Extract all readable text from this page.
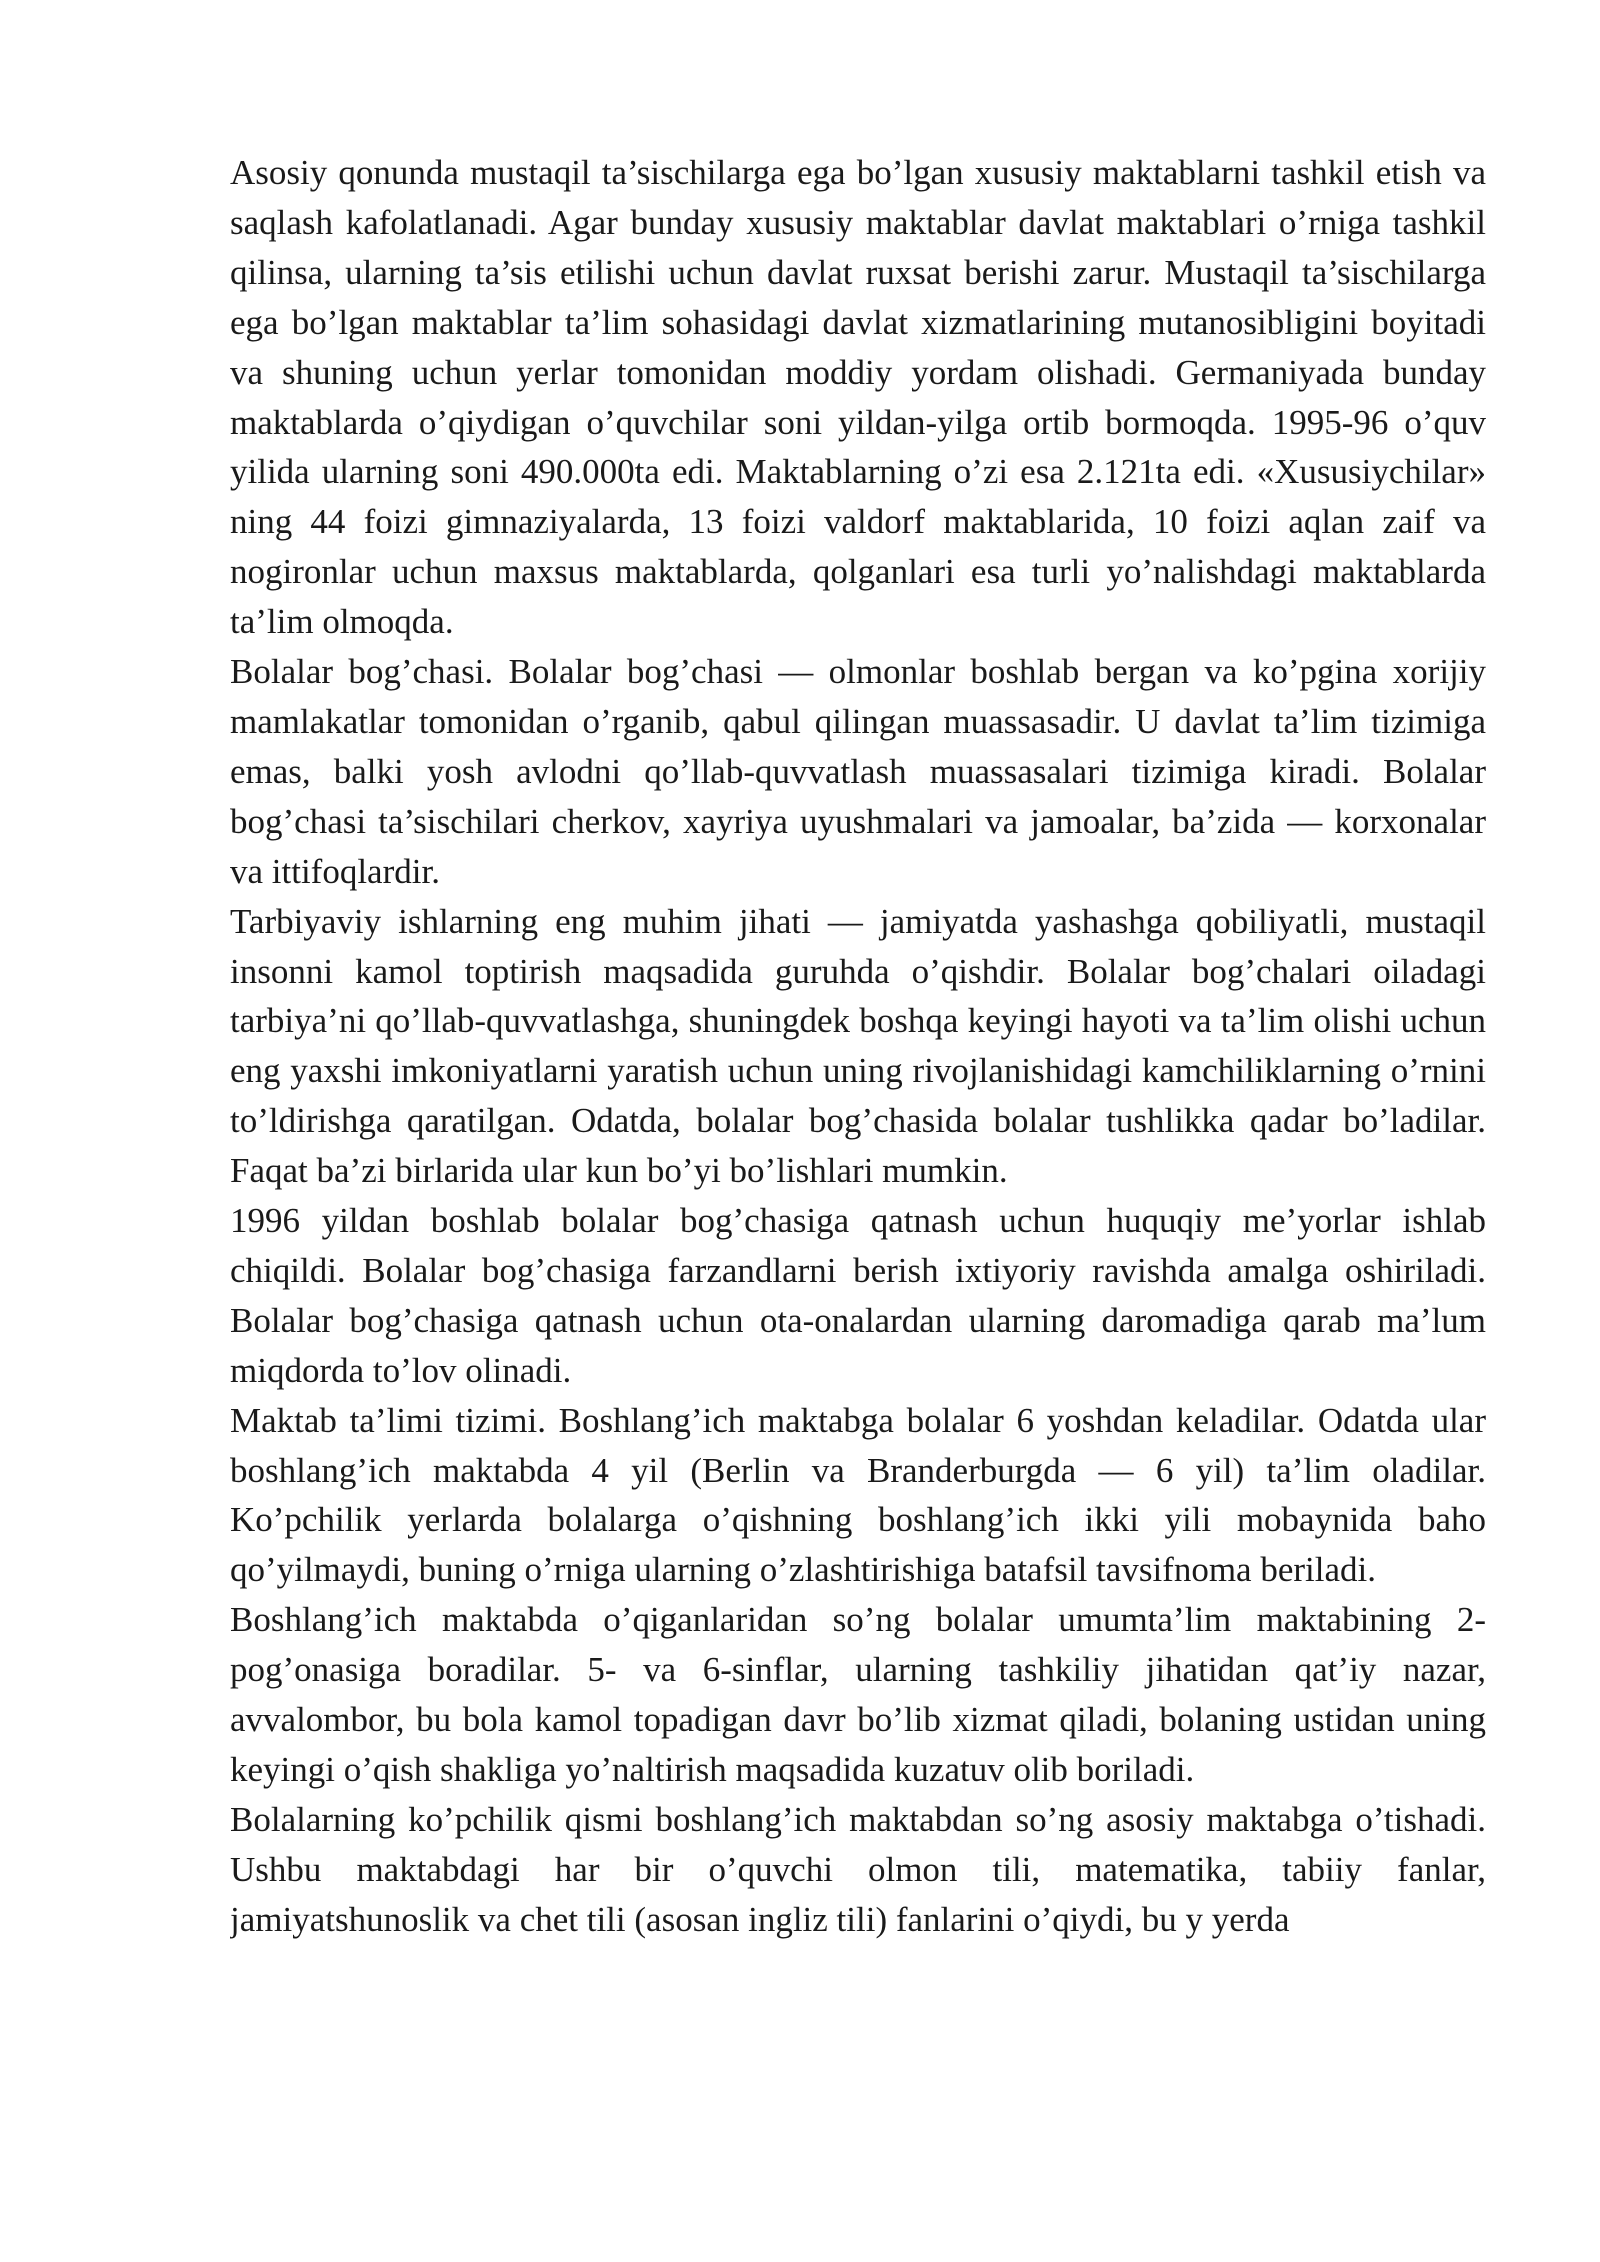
Asosiy qonunda mustaqil ta’sischilarga ega bo’lgan xususiy maktablarni tashkil etish va saqlash kafolatlanadi. Agar bunday xususiy maktablar davlat maktablari o’rniga tashkil qilinsa, ularning ta’sis etilishi uchun davlat ruxsat berishi zarur. Mustaqil ta’sischilarga ega bo’lgan maktablar ta’lim sohasidagi davlat xizmatlarining mutanosibligini boyitadi va shuning uchun yerlar tomonidan moddiy yordam olishadi. Germaniyada bunday maktablarda o’qiydigan o’quvchilar soni yildan-yilga ortib bormoqda. 1995-96 o’quv yilida ularning soni 490.000ta edi. Maktablarning o’zi esa 2.121ta edi. «Xususiychilar» ning 44 foizi gimnaziyalarda, 13 foizi valdorf maktablarida, 10 foizi aqlan zaif va nogironlar uchun maxsus maktablarda, qolganlari esa turli yo’nalishdagi maktablarda ta’lim olmoqda.

Bolalar bog’chasi. Bolalar bog’chasi — olmonlar boshlab bergan va ko’pgina xorijiy mamlakatlar tomonidan o’rganib, qabul qilingan muassasadir. U davlat ta’lim tizimiga emas, balki yosh avlodni qo’llab-quvvatlash muassasalari tizimiga kiradi. Bolalar bog’chasi ta’sischilari cherkov, xayriya uyushmalari va jamoalar, ba’zida — korxonalar va ittifoqlardir.

Tarbiyaviy ishlarning eng muhim jihati — jamiyatda yashashga qobiliyatli, mustaqil insonni kamol toptirish maqsadida guruhda o’qishdir. Bolalar bog’chalari oiladagi tarbiya’ni qo’llab-quvvatlashga, shuningdek boshqa keyingi hayoti va ta’lim olishi uchun eng yaxshi imkoniyatlarni yaratish uchun uning rivojlanishidagi kamchiliklarning o’rnini to’ldirishga qaratilgan. Odatda, bolalar bog’chasida bolalar tushlikka qadar bo’ladilar. Faqat ba’zi birlarida ular kun bo’yi bo’lishlari mumkin.

1996 yildan boshlab bolalar bog’chasiga qatnash uchun huquqiy me’yorlar ishlab chiqildi. Bolalar bog’chasiga farzandlarni berish ixtiyoriy ravishda amalga oshiriladi. Bolalar bog’chasiga qatnash uchun ota-onalardan ularning daromadiga qarab ma’lum miqdorda to’lov olinadi.

Maktab ta’limi tizimi. Boshlang’ich maktabga bolalar 6 yoshdan keladilar. Odatda ular boshlang’ich maktabda 4 yil (Berlin va Branderburgda — 6 yil) ta’lim oladilar. Ko’pchilik yerlarda bolalarga o’qishning boshlang’ich ikki yili mobaynida baho qo’yilmaydi, buning o’rniga ularning o’zlashtirishiga batafsil tavsifnoma beriladi.

Boshlang’ich maktabda o’qiganlaridan so’ng bolalar umumta’lim maktabining 2-pog’onasiga boradilar. 5- va 6-sinflar, ularning tashkiliy jihatidan qat’iy nazar, avvalombor, bu bola kamol topadigan davr bo’lib xizmat qiladi, bolaning ustidan uning keyingi o’qish shakliga yo’naltirish maqsadida kuzatuv olib boriladi.

Bolalarning ko’pchilik qismi boshlang’ich maktabdan so’ng asosiy maktabga o’tishadi. Ushbu maktabdagi har bir o’quvchi olmon tili, matematika, tabiiy fanlar, jamiyatshunoslik va chet tili (asosan ingliz tili) fanlarini o’qiydi, bu y yerda
